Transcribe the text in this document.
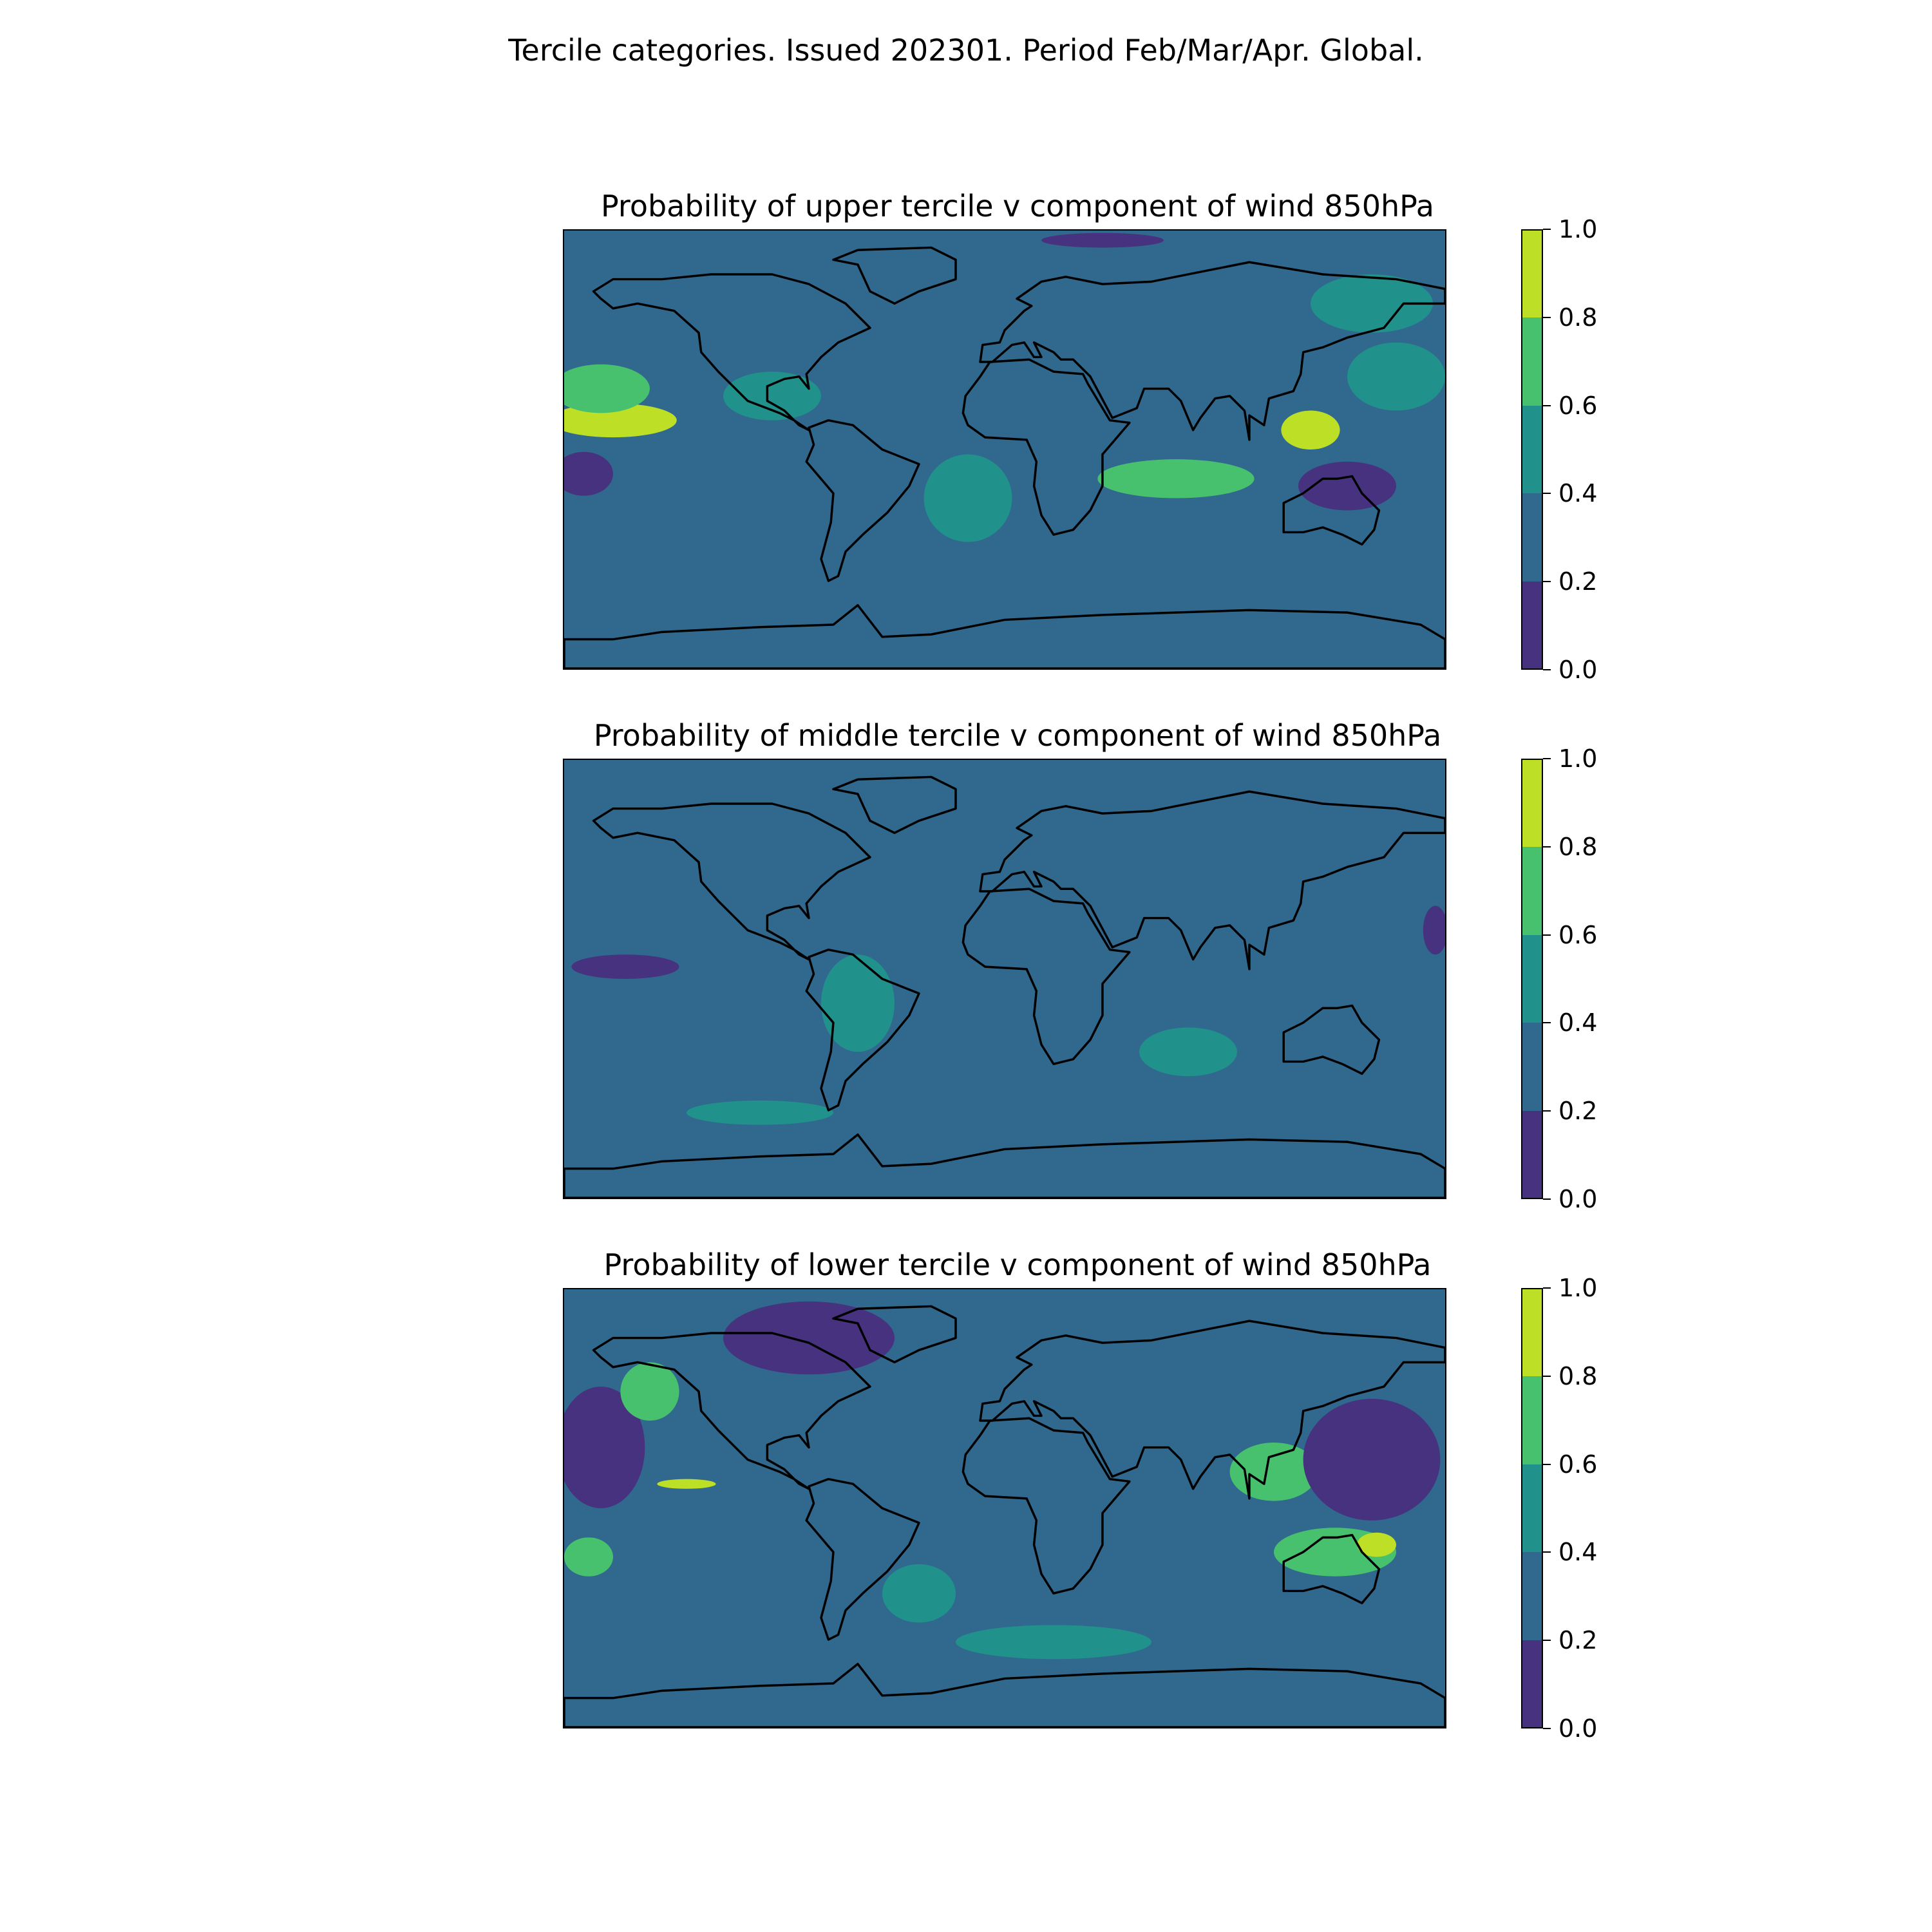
Tercile categories. Issued 202301. Period Feb/Mar/Apr. Global.
Probability of upper tercile v component of wind 850hPa
0.0
0.2
0.4
0.6
0.8
1.0
Probability of middle tercile v component of wind 850hPa
0.0
0.2
0.4
0.6
0.8
1.0
Probability of lower tercile v component of wind 850hPa
0.0
0.2
0.4
0.6
0.8
1.0
